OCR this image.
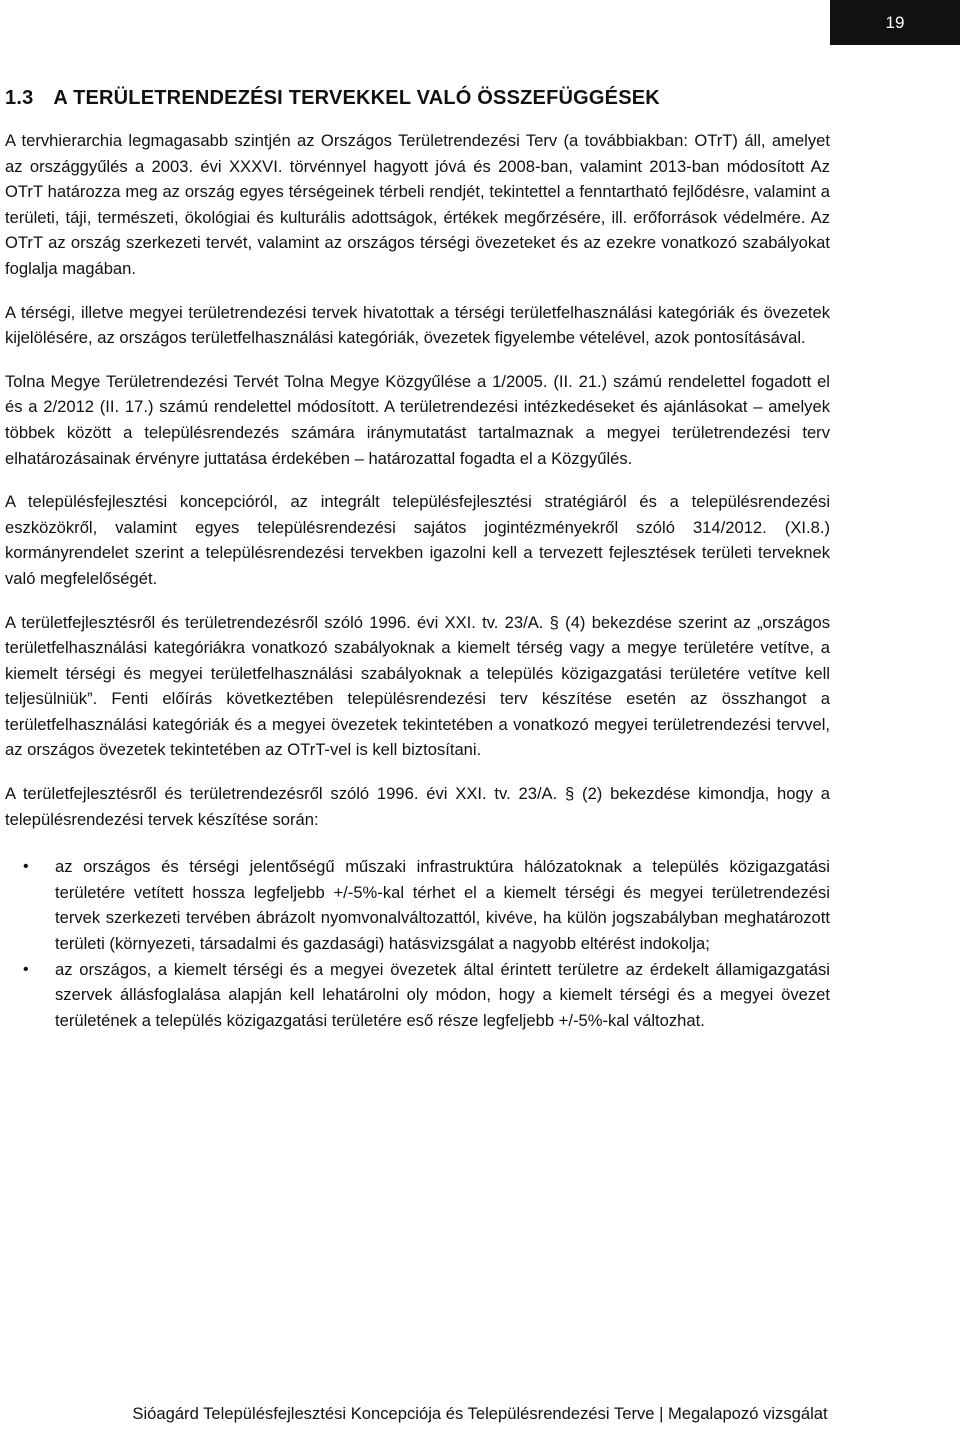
19
1.3 A TERÜLETRENDEZÉSI TERVEKKEL VALÓ ÖSSZEFÜGGÉSEK

A tervhierarchia legmagasabb szintjén az Országos Területrendezési Terv (a továbbiakban: OTrT) áll, amelyet az országgyűlés a 2003. évi XXXVI. törvénnyel hagyott jóvá és 2008-ban, valamint 2013-ban módosított Az OTrT határozza meg az ország egyes térségeinek térbeli rendjét, tekintettel a fenntartható fejlődésre, valamint a területi, táji, természeti, ökológiai és kulturális adottságok, értékek megőrzésére, ill. erőforrások védelmére. Az OTrT az ország szerkezeti tervét, valamint az országos térségi övezeteket és az ezekre vonatkozó szabályokat foglalja magában.

A térségi, illetve megyei területrendezési tervek hivatottak a térségi területfelhasználási kategóriák és övezetek kijelölésére, az országos területfelhasználási kategóriák, övezetek figyelembe vételével, azok pontosításával.

Tolna Megye Területrendezési Tervét Tolna Megye Közgyűlése a 1/2005. (II. 21.) számú rendelettel fogadott el és a 2/2012 (II. 17.) számú rendelettel módosított. A területrendezési intézkedéseket és ajánlásokat – amelyek többek között a településrendezés számára iránymutatást tartalmaznak a megyei területrendezési terv elhatározásainak érvényre juttatása érdekében – határozattal fogadta el a Közgyűlés.

A településfejlesztési koncepcióról, az integrált településfejlesztési stratégiáról és a településrendezési eszközökről, valamint egyes településrendezési sajátos jogintézményekről szóló 314/2012. (XI.8.) kormányrendelet szerint a településrendezési tervekben igazolni kell a tervezett fejlesztések területi terveknek való megfelelőségét.

A területfejlesztésről és területrendezésről szóló 1996. évi XXI. tv. 23/A. § (4) bekezdése szerint az „országos területfelhasználási kategóriákra vonatkozó szabályoknak a kiemelt térség vagy a megye területére vetítve, a kiemelt térségi és megyei területfelhasználási szabályoknak a település közigazgatási területére vetítve kell teljesülniük”. Fenti előírás következtében településrendezési terv készítése esetén az összhangot a területfelhasználási kategóriák és a megyei övezetek tekintetében a vonatkozó megyei területrendezési tervvel, az országos övezetek tekintetében az OTrT-vel is kell biztosítani.

A területfejlesztésről és területrendezésről szóló 1996. évi XXI. tv. 23/A. § (2) bekezdése kimondja, hogy a településrendezési tervek készítése során:

• az országos és térségi jelentőségű műszaki infrastruktúra hálózatoknak a település közigazgatási területére vetített hossza legfeljebb +/-5%-kal térhet el a kiemelt térségi és megyei területrendezési tervek szerkezeti tervében ábrázolt nyomvonalváltozattól, kivéve, ha külön jogszabályban meghatározott területi (környezeti, társadalmi és gazdasági) hatásvizsgálat a nagyobb eltérést indokolja;
• az országos, a kiemelt térségi és a megyei övezetek által érintett területre az érdekelt államigazgatási szervek állásfoglalása alapján kell lehatárolni oly módon, hogy a kiemelt térségi és a megyei övezet területének a település közigazgatási területére eső része legfeljebb +/-5%-kal változhat.
Sióagárd Településfejlesztési Koncepciója és Településrendezési Terve | Megalapozó vizsgálat
